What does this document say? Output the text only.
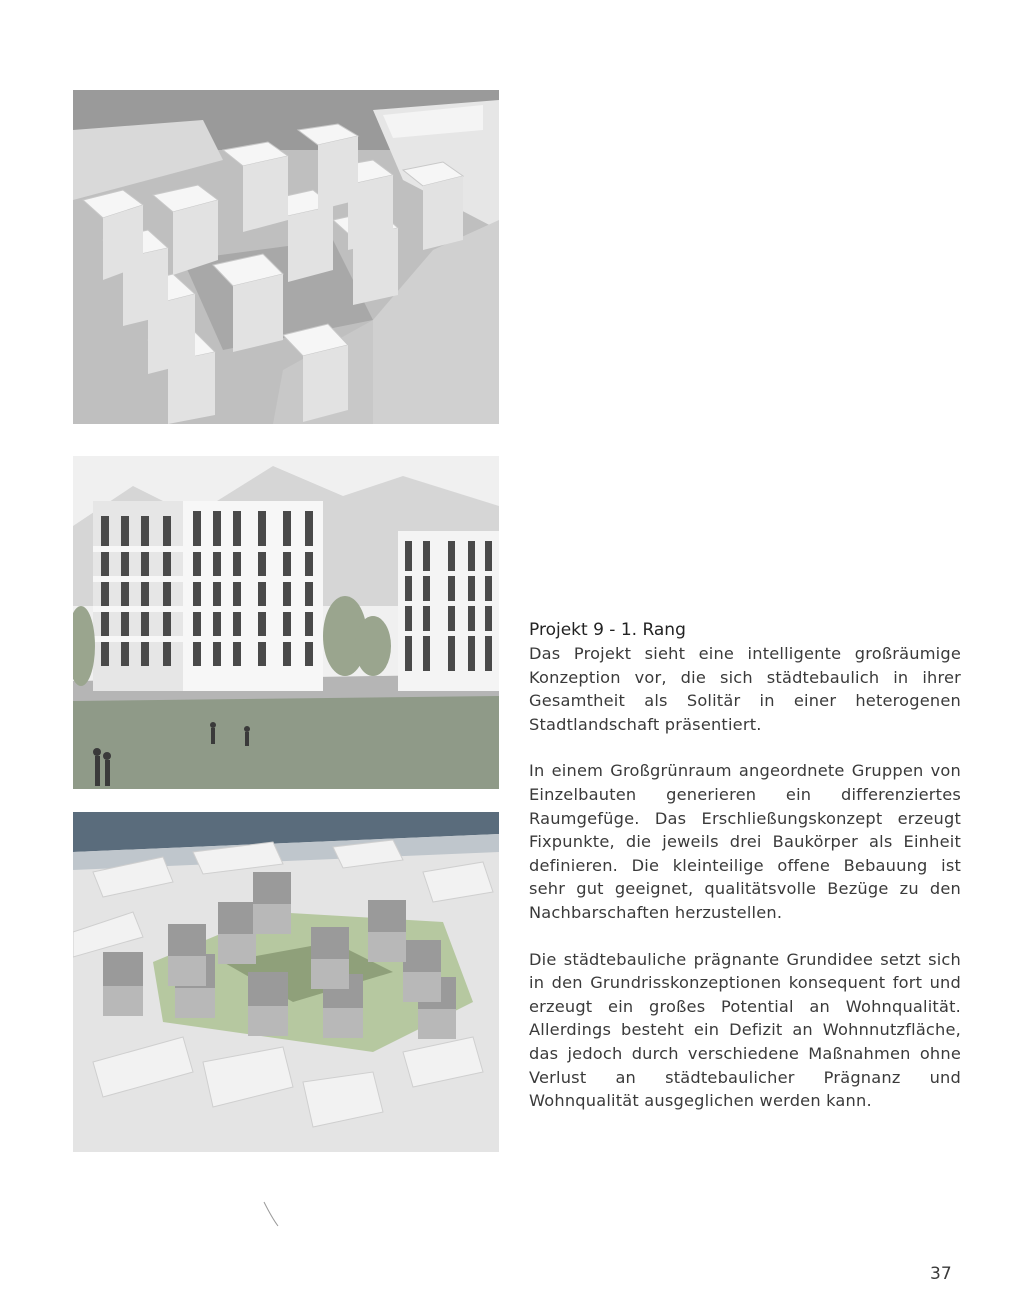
Projekt 9 - 1. Rang

Das Projekt sieht eine intelligente großräumige Konzeption vor, die sich städtebaulich in ihrer Gesamtheit als Solitär in einer heterogenen Stadtlandschaft präsentiert.

In einem Großgrünraum angeordnete Gruppen von Einzelbauten generieren ein differenziertes Raumgefüge. Das Erschließungskonzept erzeugt Fixpunkte, die jeweils drei Baukörper als Einheit definieren. Die kleinteilige offene Bebauung ist sehr gut geeignet, qualitätsvolle Bezüge zu den Nachbarschaften herzustellen.

Die städtebauliche prägnante Grundidee setzt sich in den Grundrisskonzeptionen konsequent fort und erzeugt ein großes Potential an Wohnqualität. Allerdings besteht ein Defizit an Wohnnutzfläche, das jedoch durch verschiedene Maßnahmen ohne Verlust an städtebaulicher Prägnanz und Wohnqualität ausgeglichen werden kann.

37
